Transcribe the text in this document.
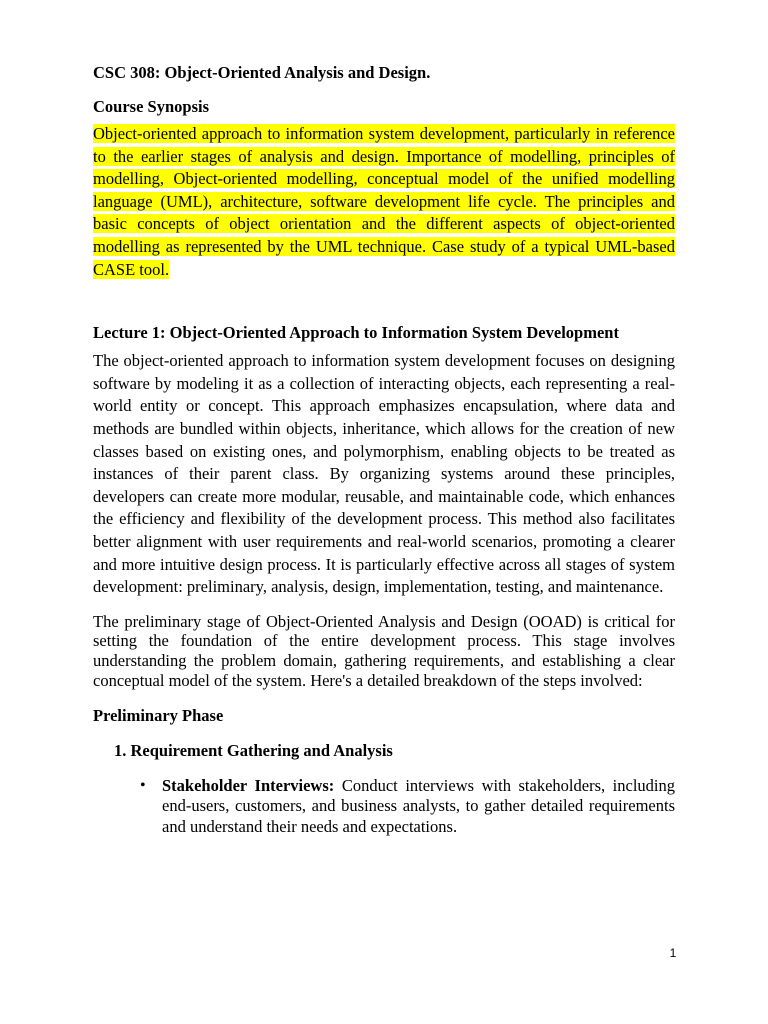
CSC 308: Object-Oriented Analysis and Design.
Course Synopsis

Object-oriented approach to information system development, particularly in reference to the earlier stages of analysis and design. Importance of modelling, principles of modelling, Object-oriented modelling, conceptual model of the unified modelling language (UML), architecture, software development life cycle. The principles and basic concepts of object orientation and the different aspects of object-oriented modelling as represented by the UML technique. Case study of a typical UML-based CASE tool.

Lecture 1: Object-Oriented Approach to Information System Development

The object-oriented approach to information system development focuses on designing software by modeling it as a collection of interacting objects, each representing a real-world entity or concept. This approach emphasizes encapsulation, where data and methods are bundled within objects, inheritance, which allows for the creation of new classes based on existing ones, and polymorphism, enabling objects to be treated as instances of their parent class. By organizing systems around these principles, developers can create more modular, reusable, and maintainable code, which enhances the efficiency and flexibility of the development process. This method also facilitates better alignment with user requirements and real-world scenarios, promoting a clearer and more intuitive design process. It is particularly effective across all stages of system development: preliminary, analysis, design, implementation, testing, and maintenance.

The preliminary stage of Object-Oriented Analysis and Design (OOAD) is critical for setting the foundation of the entire development process. This stage involves understanding the problem domain, gathering requirements, and establishing a clear conceptual model of the system. Here's a detailed breakdown of the steps involved:

Preliminary Phase
1. Requirement Gathering and Analysis
• Stakeholder Interviews: Conduct interviews with stakeholders, including end-users, customers, and business analysts, to gather detailed requirements and understand their needs and expectations.
1
